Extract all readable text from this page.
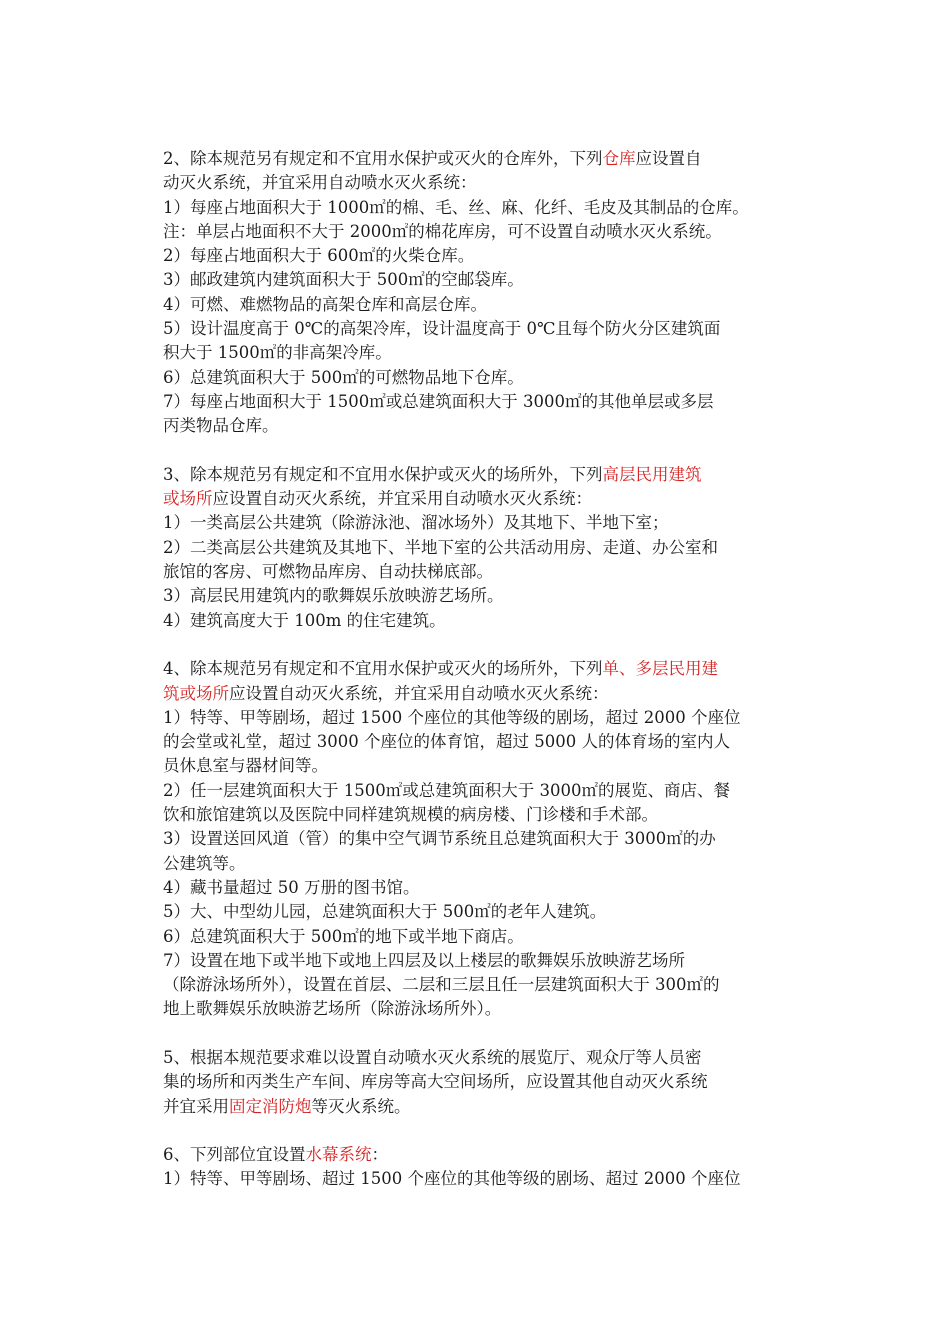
2、除本规范另有规定和不宜用水保护或灭火的仓库外，下列仓库应设置自
动灭火系统，并宜采用自动喷水灭火系统：
1）每座占地面积大于 1000㎡的棉、毛、丝、麻、化纤、毛皮及其制品的仓库。
注：单层占地面积不大于 2000㎡的棉花库房，可不设置自动喷水灭火系统。
2）每座占地面积大于 600㎡的火柴仓库。
3）邮政建筑内建筑面积大于 500㎡的空邮袋库。
4）可燃、难燃物品的高架仓库和高层仓库。
5）设计温度高于 0℃的高架冷库，设计温度高于 0℃且每个防火分区建筑面
积大于 1500㎡的非高架冷库。
6）总建筑面积大于 500㎡的可燃物品地下仓库。
7）每座占地面积大于 1500㎡或总建筑面积大于 3000㎡的其他单层或多层
丙类物品仓库。
3、除本规范另有规定和不宜用水保护或灭火的场所外，下列高层民用建筑
或场所应设置自动灭火系统，并宜采用自动喷水灭火系统：
1）一类高层公共建筑（除游泳池、溜冰场外）及其地下、半地下室；
2）二类高层公共建筑及其地下、半地下室的公共活动用房、走道、办公室和
旅馆的客房、可燃物品库房、自动扶梯底部。
3）高层民用建筑内的歌舞娱乐放映游艺场所。
4）建筑高度大于 100m 的住宅建筑。
4、除本规范另有规定和不宜用水保护或灭火的场所外，下列单、多层民用建
筑或场所应设置自动灭火系统，并宜采用自动喷水灭火系统：
1）特等、甲等剧场，超过 1500 个座位的其他等级的剧场，超过 2000 个座位
的会堂或礼堂，超过 3000 个座位的体育馆，超过 5000 人的体育场的室内人
员休息室与器材间等。
2）任一层建筑面积大于 1500㎡或总建筑面积大于 3000㎡的展览、商店、餐
饮和旅馆建筑以及医院中同样建筑规模的病房楼、门诊楼和手术部。
3）设置送回风道（管）的集中空气调节系统且总建筑面积大于 3000㎡的办
公建筑等。
4）藏书量超过 50 万册的图书馆。
5）大、中型幼儿园，总建筑面积大于 500㎡的老年人建筑。
6）总建筑面积大于 500㎡的地下或半地下商店。
7）设置在地下或半地下或地上四层及以上楼层的歌舞娱乐放映游艺场所
（除游泳场所外），设置在首层、二层和三层且任一层建筑面积大于 300㎡的
地上歌舞娱乐放映游艺场所（除游泳场所外）。
5、根据本规范要求难以设置自动喷水灭火系统的展览厅、观众厅等人员密
集的场所和丙类生产车间、库房等高大空间场所，应设置其他自动灭火系统
并宜采用固定消防炮等灭火系统。
6、下列部位宜设置水幕系统：
1）特等、甲等剧场、超过 1500 个座位的其他等级的剧场、超过 2000 个座位
